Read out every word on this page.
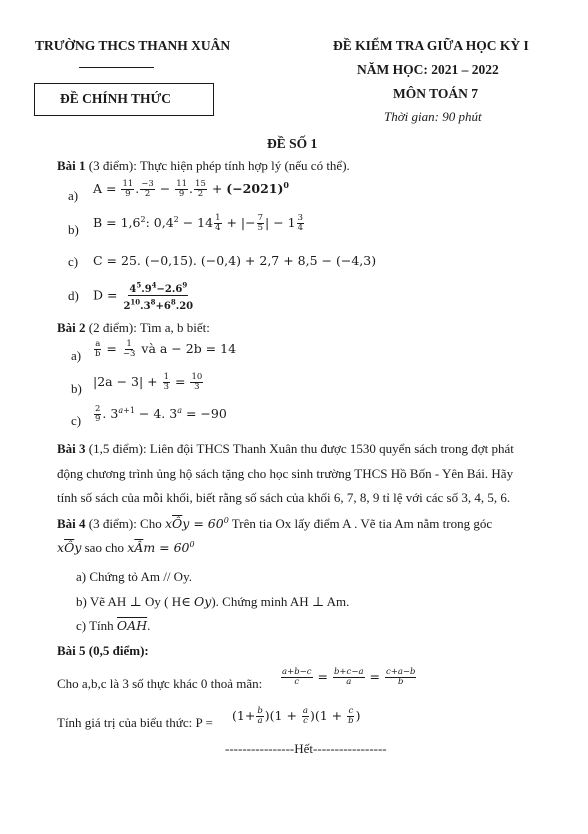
TRƯỜNG THCS THANH XUÂN
ĐỀ CHÍNH THỨC
ĐỀ KIỂM TRA GIỮA HỌC KỲ I
NĂM HỌC: 2021 – 2022
MÔN TOÁN 7
Thời gian: 90 phút
ĐỀ SỐ 1
Bài 1 (3 điểm): Thực hiện phép tính hợp lý (nếu có thể).
a) $A = \frac{11}{9}$ . $\frac{-3}{2} - \frac{11}{9}$ . $\frac{15}{2} + (-2021)^0$
b) $B = 1,6^2$: $0,4^2 - 14 \frac{1}{4}$ + |− $\frac{7}{5}$ | − $1 \frac{3}{4}$
c) C = 25. (−0,15). (−0,4) + 2,7 + 8,5 − (−4,3)
d) $D = \frac{4^5.9^4-2.6^9}{2^{10}.3^8+6^8.20}$
Bài 2 (2 điểm): Tìm a, b biết:
$a) \frac{a}{b} = \frac{1}{-3}$ và a − 2b = 14
b) $|2a - 3| + \frac{1}{3} = \frac{10}{3}$
$c) \frac{2}{9}$ . $3^{a+1} - 4$. $3^a = -90$
Bài 3 (1,5 điểm): Liên đội THCS Thanh Xuân thu được 1530 quyển sách trong đợt phát
động chương trình ủng hộ sách tặng cho học sinh trường THCS Hồ Bốn - Yên Bái. Hãy
tính số sách của mỗi khối, biết rằng số sách của khối 6, 7, 8, 9 tỉ lệ với các số 3, 4, 5, 6.
Bài 4 (3 điểm): Cho $x\overline{Ô}y = 60^0$ Trên tia Ox lấy điểm A . Vẽ tia Am nằm trong góc
$x\overline{Ô}y$ sao cho $x\overline{Â}m = 60^0$
a) Chứng tỏ Am // Oy.
b) Vẽ AH ⊥ Oy ( H∈ Oy). Chứng minh AH ⊥ Am.
c) Tính $\overline{OAH}$.
Bài 5 (0,5 điểm):
Cho a,b,c là 3 số thực khác 0 thoả mãn: $\frac{a+b-c}{c} = \frac{b+c-a}{a} = \frac{c+a-b}{b}$
Tính giá trị của biểu thức: $P = (1+ \frac{b}{a} )(1 + \frac{a}{c} )(1 + \frac{c}{b}$ )
----------------Hết-----------------
